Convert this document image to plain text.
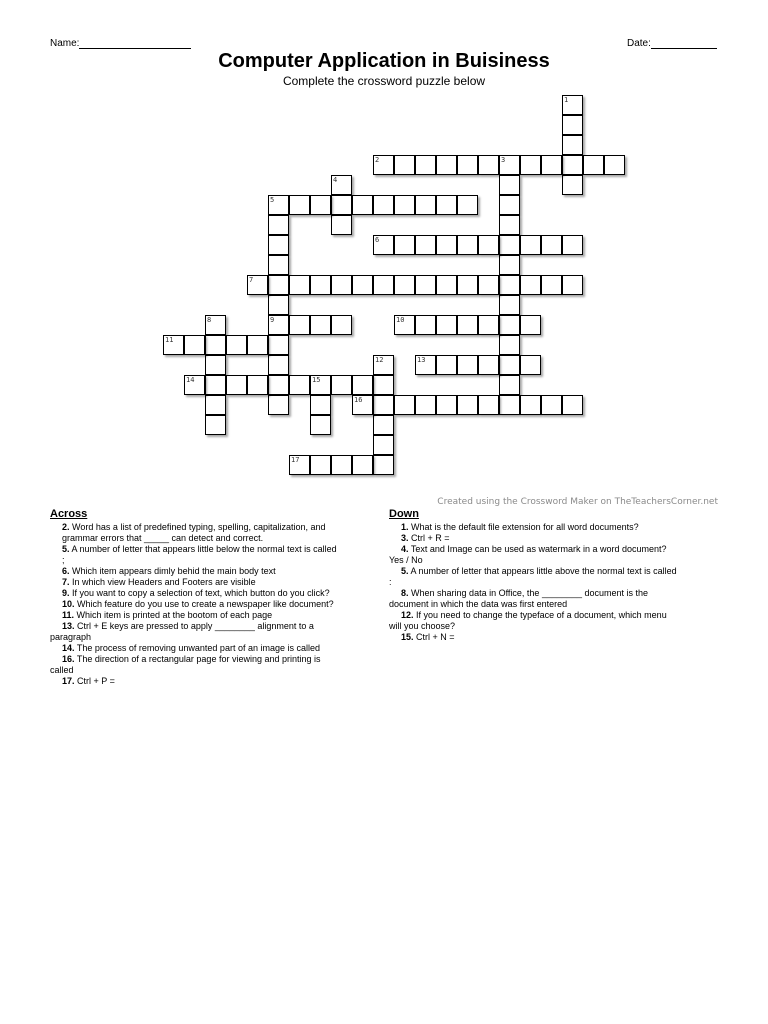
Name:	Date:
Computer Application in Buisiness
Complete the crossword puzzle below
1
2	3
4
5
6
7
8	9	10
11
12	13
14	15
16
17
Created using the Crossword Maker on TheTeachersCorner.net
Across
2. Word has a list of predefined typing, spelling, capitalization, and
grammar errors that _____ can detect and correct.
5. A number of letter that appears little below the normal text is called
;
6. Which item appears dimly behid the main body text
7. In which view Headers and Footers are visible
9. If you want to copy a selection of text, which button do you click?
10. Which feature do you use to create a newspaper like document?
11. Which item is printed at the bootom of each page
13. Ctrl + E keys are pressed to apply ________ alignment to a
paragraph
14. The process of removing unwanted part of an image is called
16. The direction of a rectangular page for viewing and printing is
called
17. Ctrl + P =
Down
1. What is the default file extension for all word documents?
3. Ctrl + R =
4. Text and Image can be used as watermark in a word document?
Yes / No
5. A number of letter that appears little above the normal text is called
:
8. When sharing data in Office, the ________ document is the
document in which the data was first entered
12. If you need to change the typeface of a document, which menu
will you choose?
15. Ctrl + N =
